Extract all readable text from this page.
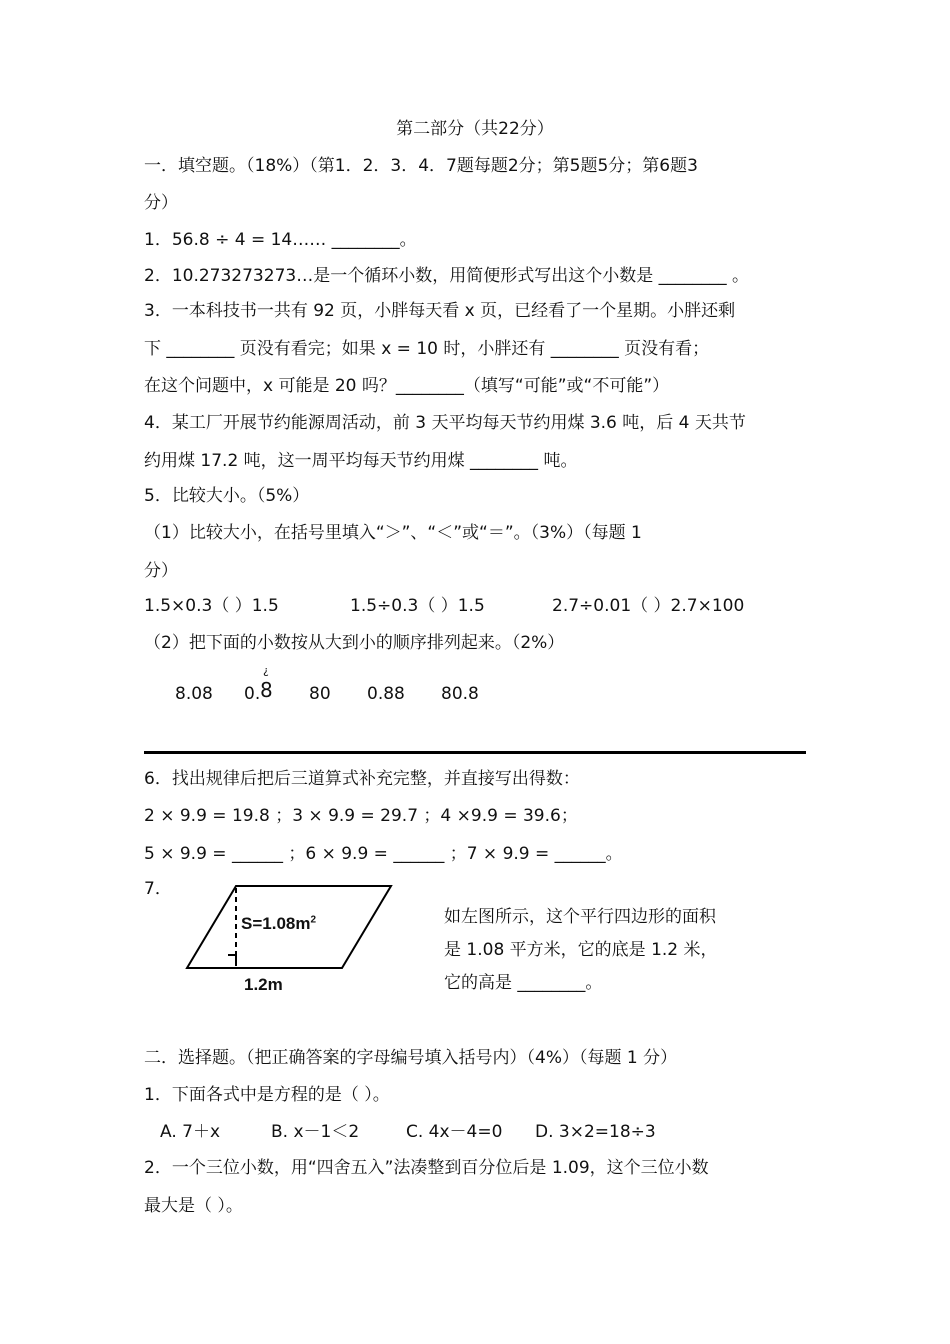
第二部分（共22分）
一．填空题。（18%）（第1．2．3．4．7题每题2分；第5题5分；第6题3
分）
1．56.8 ÷ 4 = 14…… ________。
2．10.273273273…是一个循环小数，用简便形式写出这个小数是 ________ 。
3．一本科技书一共有 92 页，小胖每天看 x 页，已经看了一个星期。小胖还剩
下 ________ 页没有看完；如果 x = 10 时，小胖还有 ________ 页没有看；
在这个问题中，x 可能是 20 吗？________（填写“可能”或“不可能”）
4．某工厂开展节约能源周活动，前 3 天平均每天节约用煤 3.6 吨，后 4 天共节
约用煤 17.2 吨，这一周平均每天节约用煤 ________ 吨。
5．比较大小。（5%）
（1）比较大小，在括号里填入“＞”、“＜”或“＝”。（3%）（每题 1
分）
1.5×0.3（ ）1.5	1.5÷0.3（ ）1.5	2.7÷0.01（ ）2.7×100
（2）把下面的小数按从大到小的顺序排列起来。（2%）
8.08 0. 8
¿
80 0.88 80.8
6．找出规律后把后三道算式补充完整，并直接写出得数：
2 × 9.9 = 19.8 ；3 × 9.9 = 29.7 ；4 ×9.9 = 39.6；
5 × 9.9 = ______ ；6 × 9.9 = ______ ；7 × 9.9 = ______。
7．
$S=1.08m^2$
1.2m
如左图所示，这个平行四边形的面积
是 1.08 平方米，它的底是 1.2 米，
它的高是 ________。
二．选择题。（把正确答案的字母编号填入括号内）（4%）（每题 1 分）
1．下面各式中是方程的是（ ）。
A. 7＋x	B. x－1＜2	C. 4x－4=0 D. 3×2=18÷3
2．一个三位小数，用“四舍五入”法凑整到百分位后是 1.09，这个三位小数
最大是（ ）。
